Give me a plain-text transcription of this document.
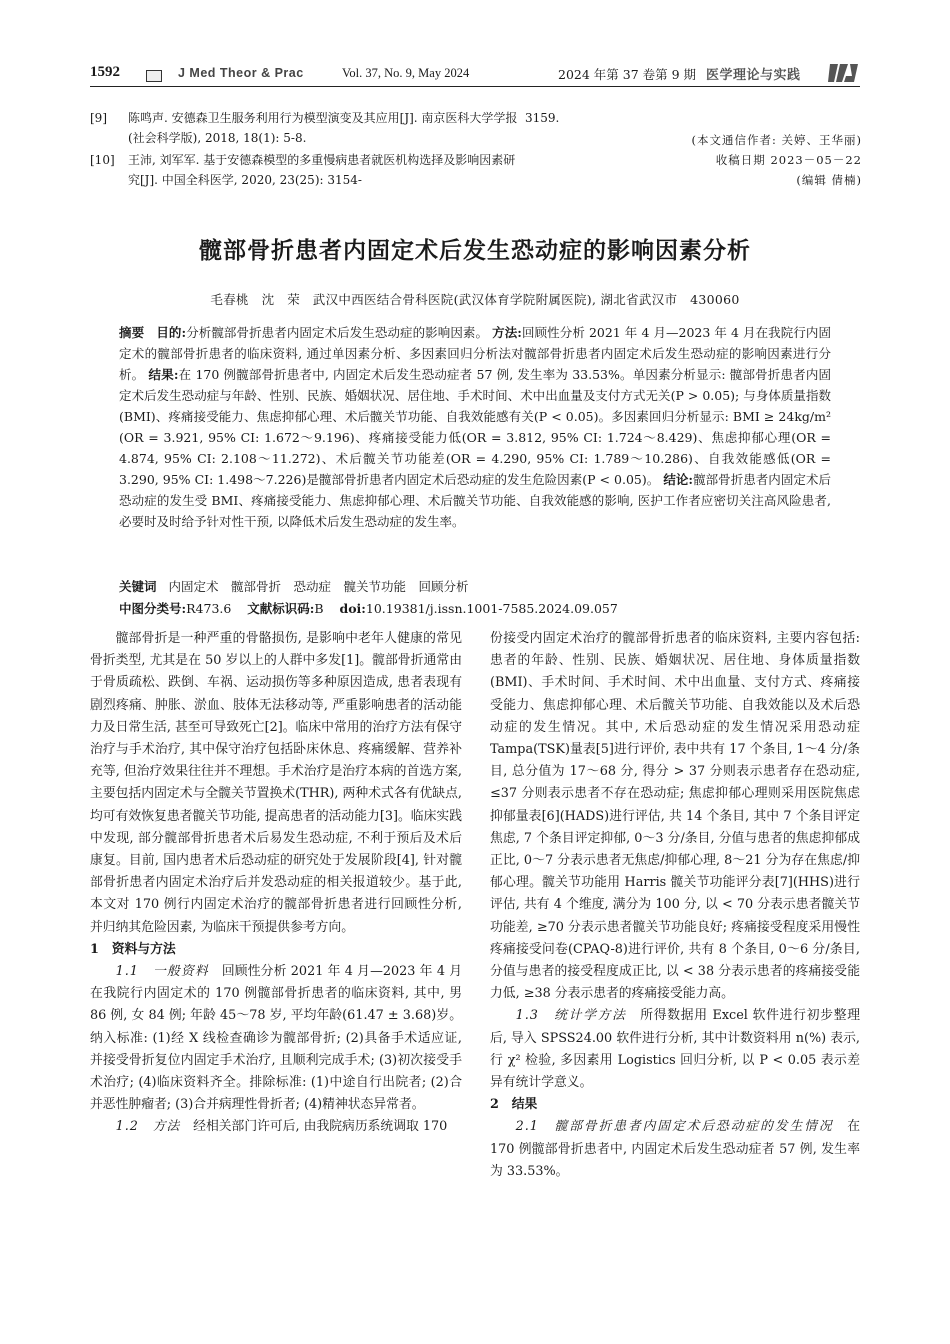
1592	J Med Theor & Prac	Vol. 37, No. 9, May 2024	2024 年第 37 卷第 9 期 医学理论与实践
[9] 陈鸣声. 安德森卫生服务利用行为模型演变及其应用[J]. 南京医科大学学报(社会科学版), 2018, 18(1): 5-8.
[10] 王沛, 刘军军. 基于安德森模型的多重慢病患者就医机构选择及影响因素研究[J]. 中国全科医学, 2020, 23(25): 3154-
3159.
(本文通信作者: 关婷、王华丽)
收稿日期 2023－05－22
(编辑 倩楠)
髋部骨折患者内固定术后发生恐动症的影响因素分析
毛春桃　沈　荣　武汉中西医结合骨科医院(武汉体育学院附属医院), 湖北省武汉市　430060
摘要 目的:分析髋部骨折患者内固定术后发生恐动症的影响因素。 方法:回顾性分析 2021 年 4 月—2023 年 4 月在我院行内固定术的髋部骨折患者的临床资料, 通过单因素分析、多因素回归分析法对髋部骨折患者内固定术后发生恐动症的影响因素进行分析。 结果:在 170 例髋部骨折患者中, 内固定术后发生恐动症者 57 例, 发生率为 33.53%。单因素分析显示: 髋部骨折患者内固定术后发生恐动症与年龄、性别、民族、婚姻状况、居住地、手术时间、术中出血量及支付方式无关(P > 0.05); 与身体质量指数(BMI)、疼痛接受能力、焦虑抑郁心理、术后髋关节功能、自我效能感有关(P < 0.05)。多因素回归分析显示: BMI ≥ 24kg/m² (OR = 3.921, 95% CI: 1.672～9.196)、疼痛接受能力低(OR = 3.812, 95% CI: 1.724～8.429)、焦虑抑郁心理(OR = 4.874, 95% CI: 2.108～11.272)、术后髋关节功能差(OR = 4.290, 95% CI: 1.789～10.286)、自我效能感低(OR = 3.290, 95% CI: 1.498～7.226)是髋部骨折患者内固定术后恐动症的发生危险因素(P < 0.05)。 结论:髋部骨折患者内固定术后恐动症的发生受 BMI、疼痛接受能力、焦虑抑郁心理、术后髋关节功能、自我效能感的影响, 医护工作者应密切关注高风险患者, 必要时及时给予针对性干预, 以降低术后发生恐动症的发生率。
关键词 内固定术　髋部骨折　恐动症　髋关节功能　回顾分析
中图分类号:R473.6 文献标识码:B doi:10.19381/j.issn.1001-7585.2024.09.057

髋部骨折是一种严重的骨骼损伤, 是影响中老年人健康的常见骨折类型, 尤其是在 50 岁以上的人群中多发[1]。髋部骨折通常由于骨质疏松、跌倒、车祸、运动损伤等多种原因造成, 患者表现有剧烈疼痛、肿胀、淤血、肢体无法移动等, 严重影响患者的活动能力及日常生活, 甚至可导致死亡[2]。临床中常用的治疗方法有保守治疗与手术治疗, 其中保守治疗包括卧床休息、疼痛缓解、营养补充等, 但治疗效果往往并不理想。手术治疗是治疗本病的首选方案, 主要包括内固定术与全髋关节置换术(THR), 两种术式各有优缺点, 均可有效恢复患者髋关节功能, 提高患者的活动能力[3]。临床实践中发现, 部分髋部骨折患者术后易发生恐动症, 不利于预后及术后康复。目前, 国内患者术后恐动症的研究处于发展阶段[4], 针对髋部骨折患者内固定术治疗后并发恐动症的相关报道较少。基于此, 本文对 170 例行内固定术治疗的髋部骨折患者进行回顾性分析, 并归纳其危险因素, 为临床干预提供参考方向。

1　资料与方法

1.1　一般资料　 回顾性分析 2021 年 4 月—2023 年 4 月在我院行内固定术的 170 例髋部骨折患者的临床资料, 其中, 男 86 例, 女 84 例; 年龄 45～78 岁, 平均年龄(61.47 ± 3.68)岁。纳入标准: (1)经 X 线检查确诊为髋部骨折; (2)具备手术适应证, 并接受骨折复位内固定手术治疗, 且顺利完成手术; (3)初次接受手术治疗; (4)临床资料齐全。排除标准: (1)中途自行出院者; (2)合并恶性肿瘤者; (3)合并病理性骨折者; (4)精神状态异常者。

1.2　方法　 经相关部门许可后, 由我院病历系统调取 170

份接受内固定术治疗的髋部骨折患者的临床资料, 主要内容包括: 患者的年龄、性别、民族、婚姻状况、居住地、身体质量指数(BMI)、手术时间、手术时间、术中出血量、支付方式、疼痛接受能力、焦虑抑郁心理、术后髋关节功能、自我效能以及术后恐动症的发生情况。其中, 术后恐动症的发生情况采用恐动症 Tampa(TSK)量表[5]进行评价, 表中共有 17 个条目, 1～4 分/条目, 总分值为 17～68 分, 得分 > 37 分则表示患者存在恐动症, ≤37 分则表示患者不存在恐动症; 焦虑抑郁心理则采用医院焦虑抑郁量表[6](HADS)进行评估, 共 14 个条目, 其中 7 个条目评定焦虑, 7 个条目评定抑郁, 0～3 分/条目, 分值与患者的焦虑抑郁成正比, 0～7 分表示患者无焦虑/抑郁心理, 8～21 分为存在焦虑/抑郁心理。髋关节功能用 Harris 髋关节功能评分表[7](HHS)进行评估, 共有 4 个维度, 满分为 100 分, 以 < 70 分表示患者髋关节功能差, ≥70 分表示患者髋关节功能良好; 疼痛接受程度采用慢性疼痛接受问卷(CPAQ-8)进行评价, 共有 8 个条目, 0～6 分/条目, 分值与患者的接受程度成正比, 以 < 38 分表示患者的疼痛接受能力低, ≥38 分表示患者的疼痛接受能力高。

1.3　统计学方法　 所得数据用 Excel 软件进行初步整理后, 导入 SPSS24.00 软件进行分析, 其中计数资料用 n(%) 表示, 行 χ² 检验, 多因素用 Logistics 回归分析, 以 P < 0.05 表示差异有统计学意义。

2　结果

2.1　髋部骨折患者内固定术后恐动症的发生情况　 在 170 例髋部骨折患者中, 内固定术后发生恐动症者 57 例, 发生率为 33.53%。
